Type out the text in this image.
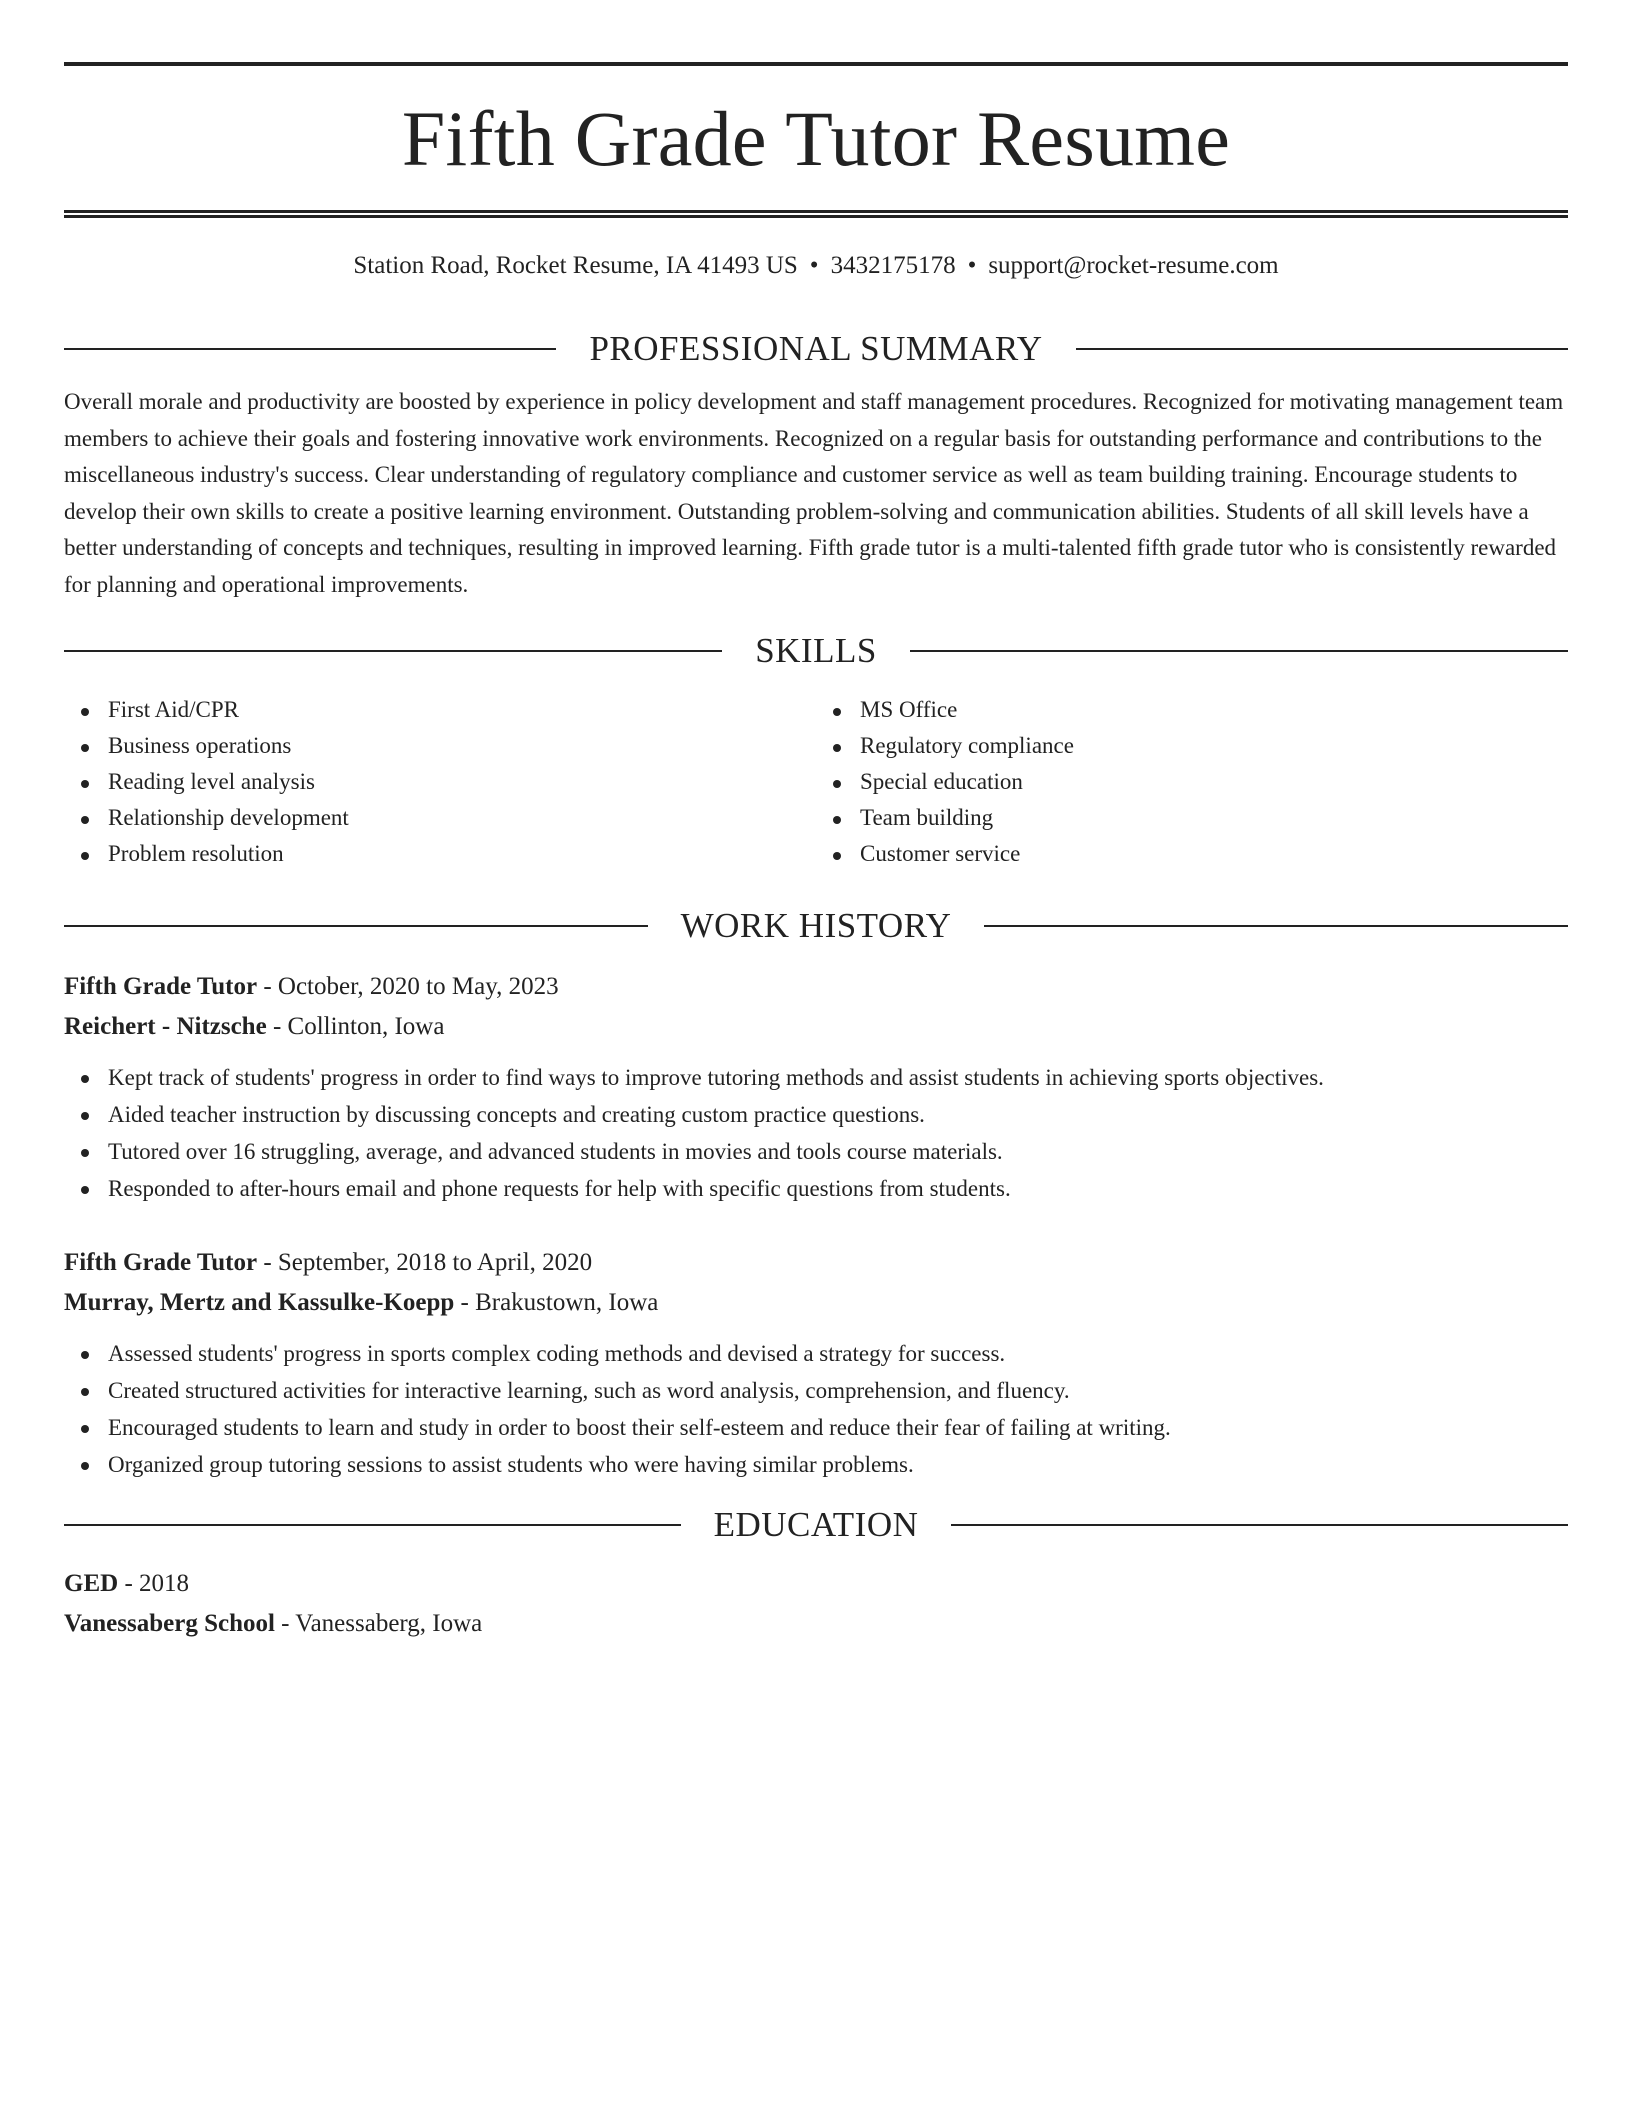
Fifth Grade Tutor Resume
Station Road, Rocket Resume, IA 41493 US • 3432175178 • support@rocket-resume.com
PROFESSIONAL SUMMARY

Overall morale and productivity are boosted by experience in policy development and staff management procedures. Recognized for motivating management team members to achieve their goals and fostering innovative work environments. Recognized on a regular basis for outstanding performance and contributions to the miscellaneous industry's success. Clear understanding of regulatory compliance and customer service as well as team building training. Encourage students to develop their own skills to create a positive learning environment. Outstanding problem-solving and communication abilities. Students of all skill levels have a better understanding of concepts and techniques, resulting in improved learning. Fifth grade tutor is a multi-talented fifth grade tutor who is consistently rewarded for planning and operational improvements.

SKILLS
First Aid/CPR
Business operations
Reading level analysis
Relationship development
Problem resolution
MS Office
Regulatory compliance
Special education
Team building
Customer service
WORK HISTORY
Fifth Grade Tutor - October, 2020 to May, 2023
Reichert - Nitzsche - Collinton, Iowa
Kept track of students' progress in order to find ways to improve tutoring methods and assist students in achieving sports objectives.
Aided teacher instruction by discussing concepts and creating custom practice questions.
Tutored over 16 struggling, average, and advanced students in movies and tools course materials.
Responded to after-hours email and phone requests for help with specific questions from students.
Fifth Grade Tutor - September, 2018 to April, 2020
Murray, Mertz and Kassulke-Koepp - Brakustown, Iowa
Assessed students' progress in sports complex coding methods and devised a strategy for success.
Created structured activities for interactive learning, such as word analysis, comprehension, and fluency.
Encouraged students to learn and study in order to boost their self-esteem and reduce their fear of failing at writing.
Organized group tutoring sessions to assist students who were having similar problems.
EDUCATION
GED - 2018
Vanessaberg School - Vanessaberg, Iowa
